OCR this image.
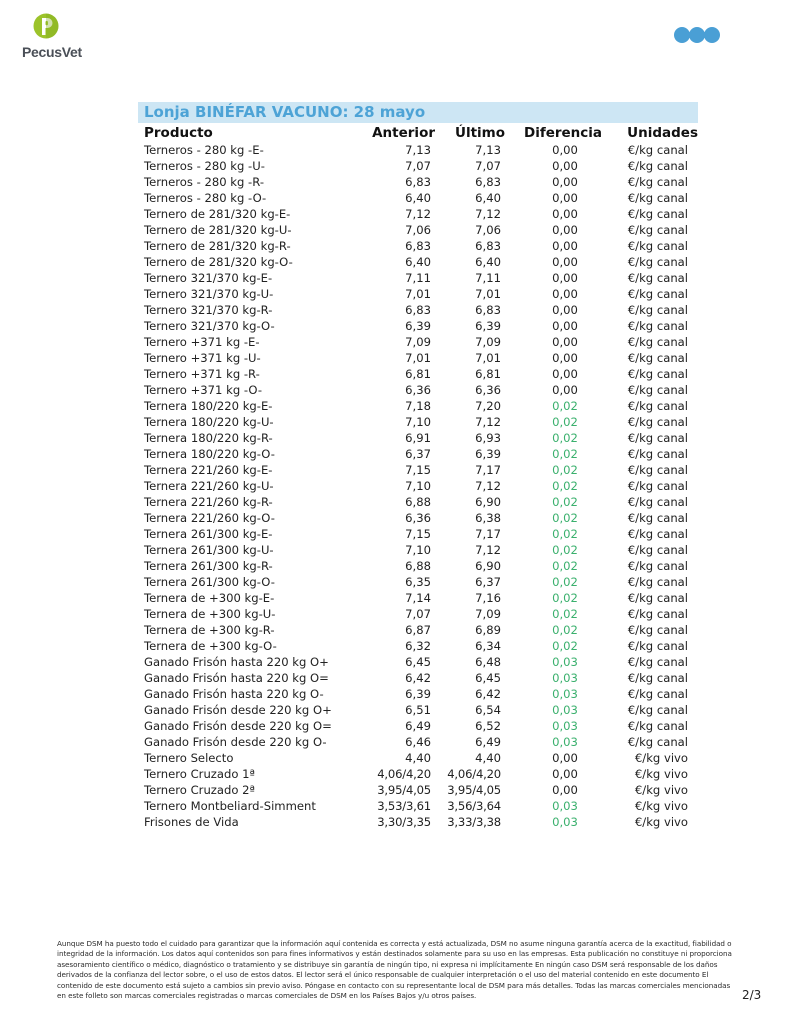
PecusVet
Lonja BINÉFAR VACUNO: 28 mayo
Producto	Anterior	Último	Diferencia	Unidades
Terneros - 280 kg -E-	7,13	7,13	0,00	€/kg canal
Terneros - 280 kg -U-	7,07	7,07	0,00	€/kg canal
Terneros - 280 kg -R-	6,83	6,83	0,00	€/kg canal
Terneros - 280 kg -O-	6,40	6,40	0,00	€/kg canal
Ternero de 281/320 kg-E-	7,12	7,12	0,00	€/kg canal
Ternero de 281/320 kg-U-	7,06	7,06	0,00	€/kg canal
Ternero de 281/320 kg-R-	6,83	6,83	0,00	€/kg canal
Ternero de 281/320 kg-O-	6,40	6,40	0,00	€/kg canal
Ternero 321/370 kg-E-	7,11	7,11	0,00	€/kg canal
Ternero 321/370 kg-U-	7,01	7,01	0,00	€/kg canal
Ternero 321/370 kg-R-	6,83	6,83	0,00	€/kg canal
Ternero 321/370 kg-O-	6,39	6,39	0,00	€/kg canal
Ternero +371 kg -E-	7,09	7,09	0,00	€/kg canal
Ternero +371 kg -U-	7,01	7,01	0,00	€/kg canal
Ternero +371 kg -R-	6,81	6,81	0,00	€/kg canal
Ternero +371 kg -O-	6,36	6,36	0,00	€/kg canal
Ternera 180/220 kg-E-	7,18	7,20	0,02	€/kg canal
Ternera 180/220 kg-U-	7,10	7,12	0,02	€/kg canal
Ternera 180/220 kg-R-	6,91	6,93	0,02	€/kg canal
Ternera 180/220 kg-O-	6,37	6,39	0,02	€/kg canal
Ternera 221/260 kg-E-	7,15	7,17	0,02	€/kg canal
Ternera 221/260 kg-U-	7,10	7,12	0,02	€/kg canal
Ternera 221/260 kg-R-	6,88	6,90	0,02	€/kg canal
Ternera 221/260 kg-O-	6,36	6,38	0,02	€/kg canal
Ternera 261/300 kg-E-	7,15	7,17	0,02	€/kg canal
Ternera 261/300 kg-U-	7,10	7,12	0,02	€/kg canal
Ternera 261/300 kg-R-	6,88	6,90	0,02	€/kg canal
Ternera 261/300 kg-O-	6,35	6,37	0,02	€/kg canal
Ternera de +300 kg-E-	7,14	7,16	0,02	€/kg canal
Ternera de +300 kg-U-	7,07	7,09	0,02	€/kg canal
Ternera de +300 kg-R-	6,87	6,89	0,02	€/kg canal
Ternera de +300 kg-O-	6,32	6,34	0,02	€/kg canal
Ganado Frisón hasta 220 kg O+	6,45	6,48	0,03	€/kg canal
Ganado Frisón hasta 220 kg O=	6,42	6,45	0,03	€/kg canal
Ganado Frisón hasta 220 kg O-	6,39	6,42	0,03	€/kg canal
Ganado Frisón desde 220 kg O+	6,51	6,54	0,03	€/kg canal
Ganado Frisón desde 220 kg O=	6,49	6,52	0,03	€/kg canal
Ganado Frisón desde 220 kg O-	6,46	6,49	0,03	€/kg canal
Ternero Selecto	4,40	4,40	0,00	€/kg vivo
Ternero Cruzado 1ª	4,06/4,20	4,06/4,20	0,00	€/kg vivo
Ternero Cruzado 2ª	3,95/4,05	3,95/4,05	0,00	€/kg vivo
Ternero Montbeliard-Simment	3,53/3,61	3,56/3,64	0,03	€/kg vivo
Frisones de Vida	3,30/3,35	3,33/3,38	0,03	€/kg vivo
Aunque DSM ha puesto todo el cuidado para garantizar que la información aquí contenida es correcta y está actualizada, DSM no asume ninguna garantía acerca de la exactitud, fiabilidad o integridad de la información. Los datos aquí contenidos son para fines informativos y están destinados solamente para su uso en las empresas. Esta publicación no constituye ni proporciona asesoramiento científico o médico, diagnóstico o tratamiento y se distribuye sin garantía de ningún tipo, ni expresa ni implícitamente En ningún caso DSM será responsable de los daños derivados de la confianza del lector sobre, o el uso de estos datos. El lector será el único responsable de cualquier interpretación o el uso del material contenido en este documento El contenido de este documento está sujeto a cambios sin previo aviso. Póngase en contacto con su representante local de DSM para más detalles. Todas las marcas comerciales mencionadas en este folleto son marcas comerciales registradas o marcas comerciales de DSM en los Países Bajos y/u otros países.	2/3
